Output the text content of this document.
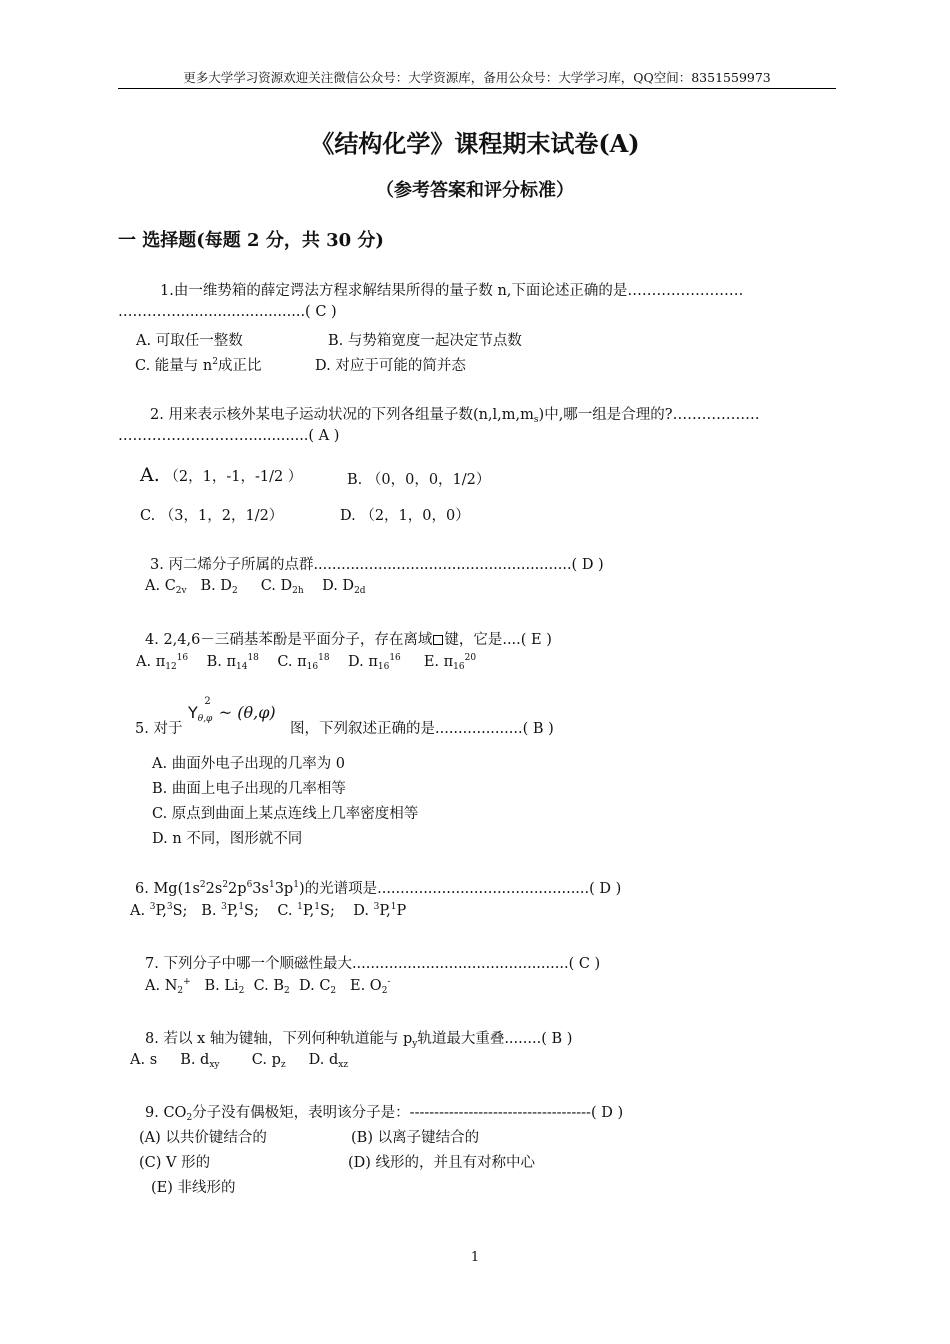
更多大学学习资源欢迎关注微信公众号：大学资源库，备用公众号：大学学习库，QQ空间：8351559973
《结构化学》课程期末试卷(A)
（参考答案和评分标准）
一 选择题(每题 2 分，共 30 分)
1.由一维势箱的薛定谔法方程求解结果所得的量子数 n,下面论述正确的是……………………
…………............................( C )
A. 可取任一整数	B. 与势箱宽度一起决定节点数
C. 能量与 $n^2$成正比	D. 对应于可能的简并态
2. 用来表示核外某电子运动状况的下列各组量子数$(n,l,m,m_s)$中,哪一组是合理的?………………
……………………….............( A )
A. （2，1，-1，-1/2 ）	B. （0，0，0，1/2）
C. （3，1，2，1/2）	D. （2，1，0，0）
3. 丙二烯分子所属的点群........................................................( D )
A. $C_{2v}$ B. $D_2$ C. $D_{2h}$ D. $D_{2d}$
4. 2,4,6－三硝基苯酚是平面分子，存在离域 键，它是....( E )
A. $\pi_{12}^{16}$ B. $\pi_{14}^{18}$ C. $\pi_{16}^{18}$ D. $\pi_{16}^{16}$ E. $\pi_{16}^{20}$
5. 对于
$Y_{\theta,\varphi}^2\sim$ (θ,φ)
图，下列叙述正确的是...................( B )
A. 曲面外电子出现的几率为 0
B. 曲面上电子出现的几率相等
C. 原点到曲面上某点连线上几率密度相等
D. n 不同，图形就不同
6. $Mg(1s^22s^22p^63s^13p^1)$的光谱项是..............................................( D )
A. $^3$P,$^3$S; B. $^3$P,$^1$S; C. $^1$P,$^1$S; D. $^3$P,$^1$P
7. 下列分子中哪一个顺磁性最大...............................................( C )
A. $N_2^+$ B. $Li_2$ C. $B_2$ D. $C_2$ E. $O_2^-$
8. 若以 x 轴为键轴，下列何种轨道能与 $p_y$轨道最大重叠........( B )
A. s B. $d_{xy}$ C. $p_z$ D. $d_{xz}$
9. $CO_2$分子没有偶极矩，表明该分子是：-------------------------------------( D )
(A) 以共价键结合的	(B) 以离子键结合的
(C) V 形的	(D) 线形的，并且有对称中心
(E) 非线形的
1
